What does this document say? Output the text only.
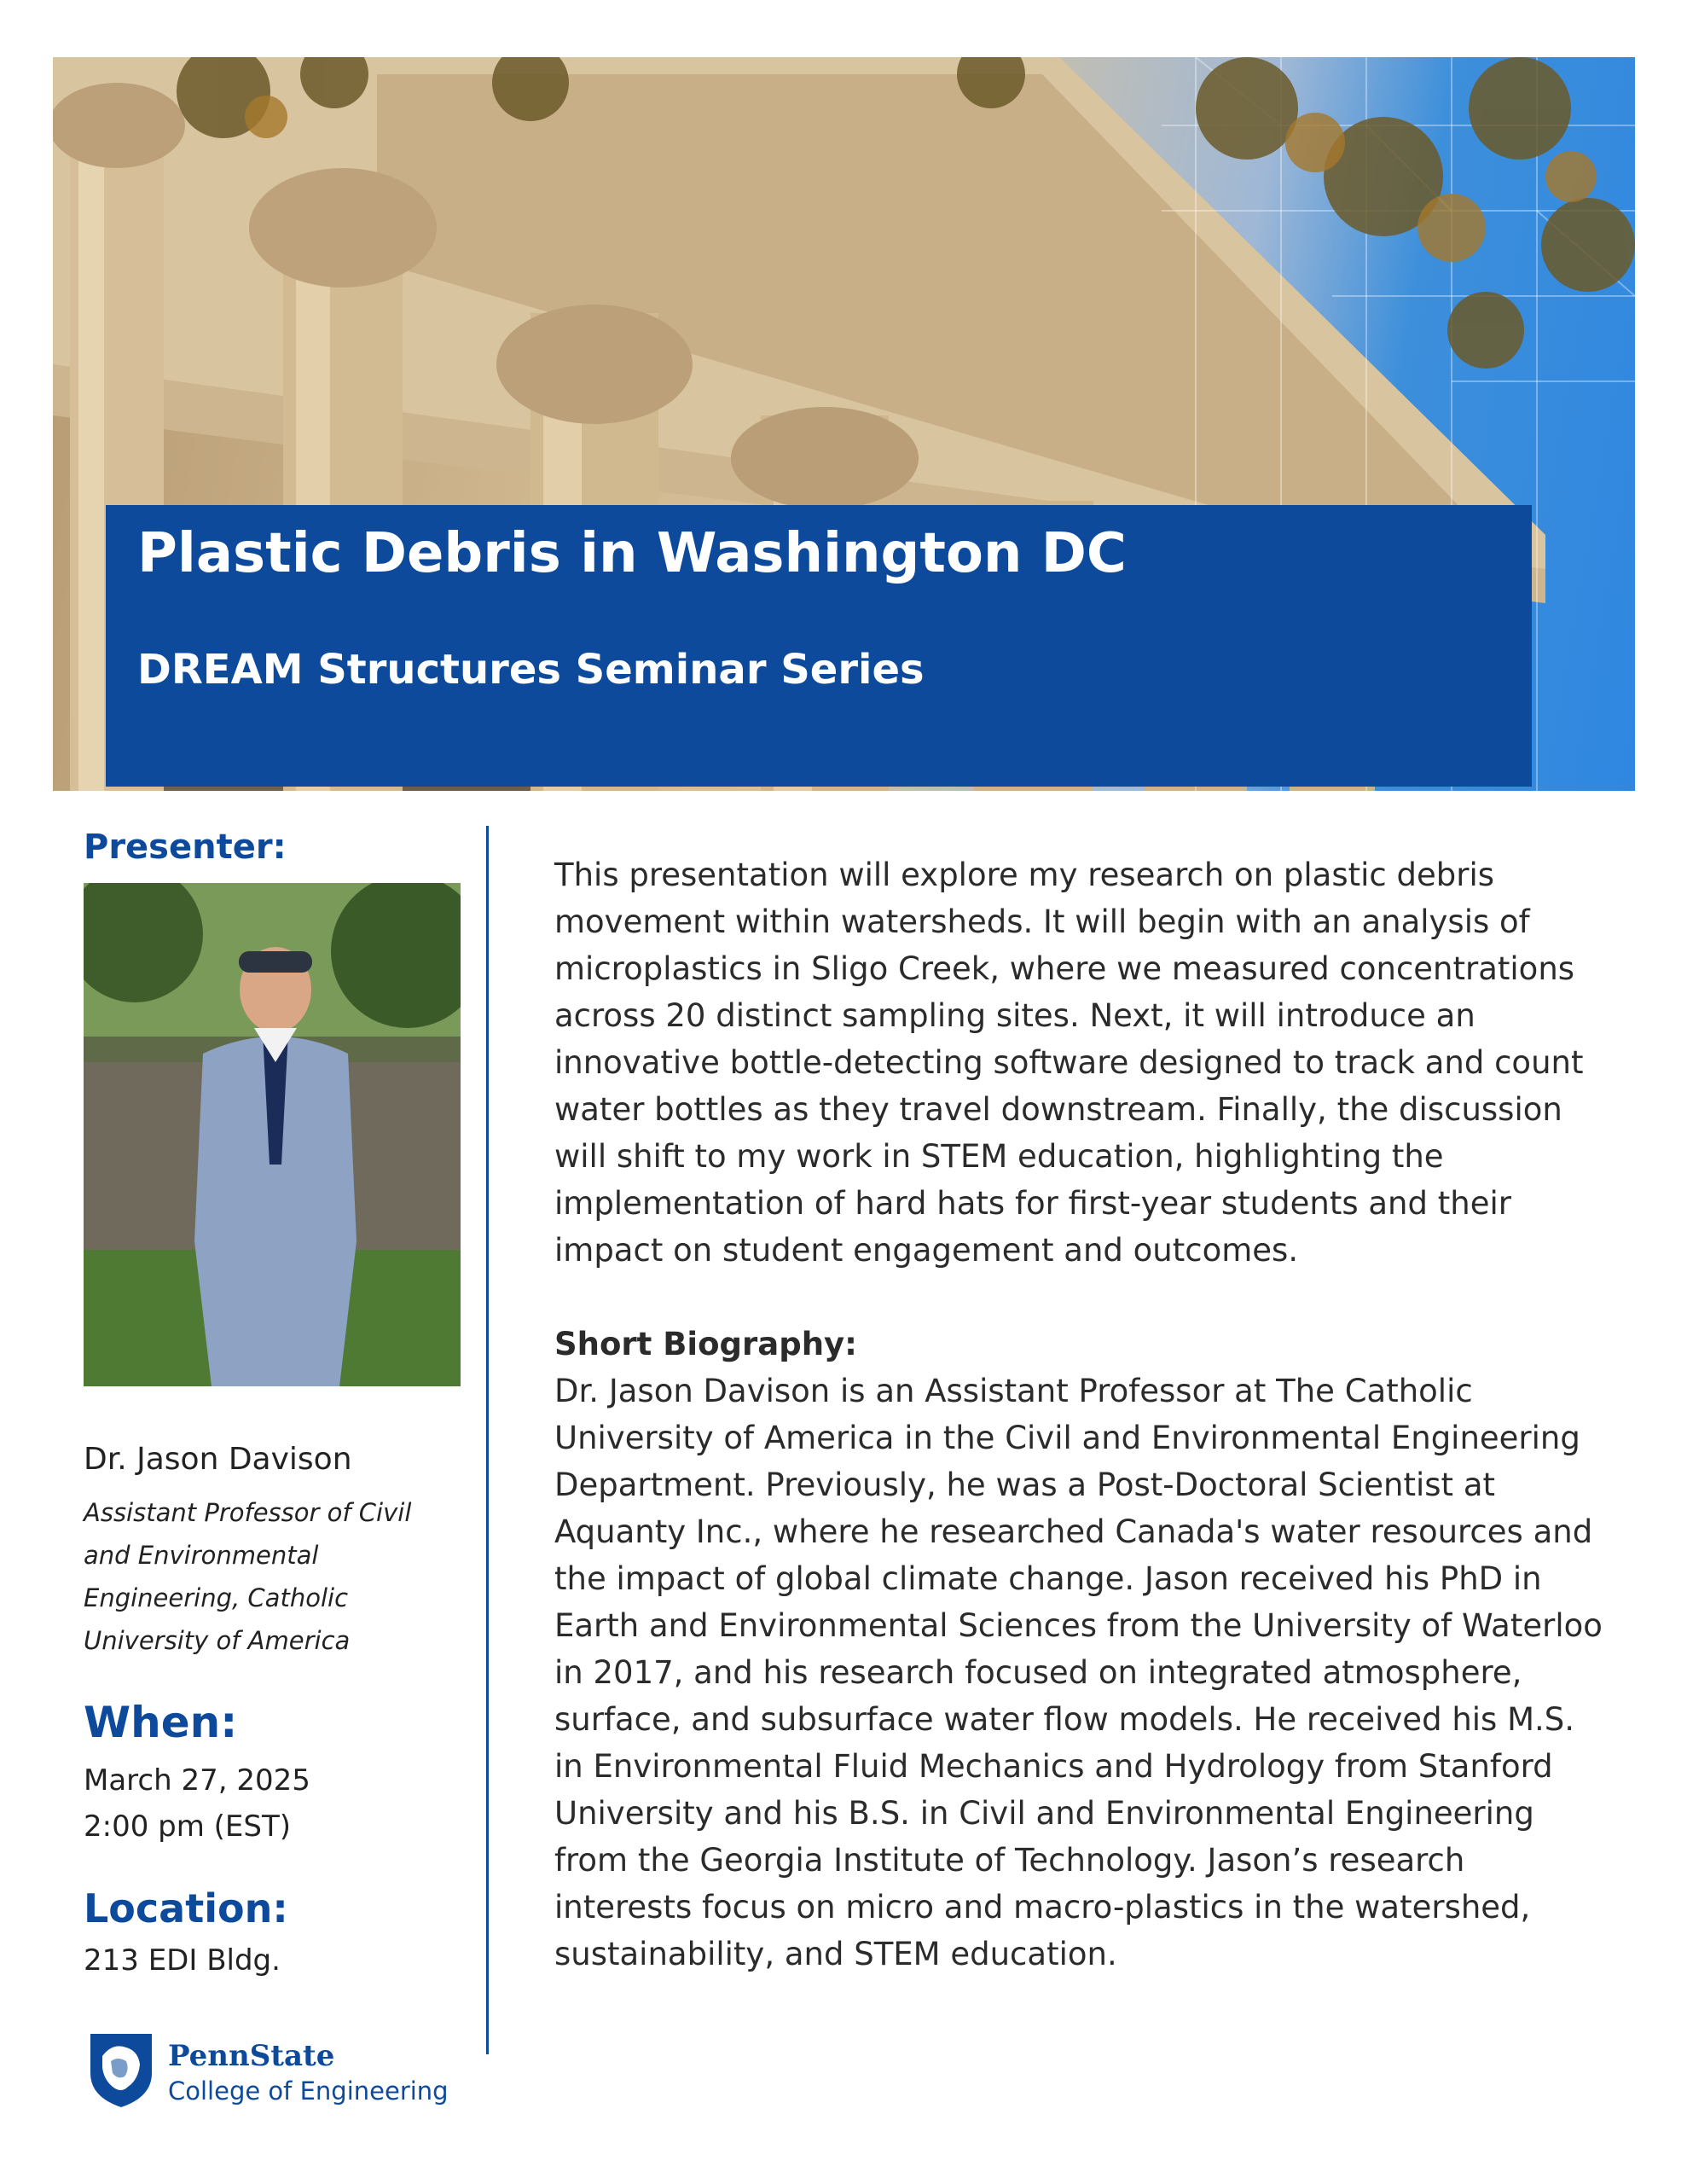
Plastic Debris in Washington DC
DREAM Structures Seminar Series
Presenter:
Dr. Jason Davison
Assistant Professor of Civil and Environmental Engineering, Catholic University of America
When:
March 27, 2025
2:00 pm (EST)
Location:
213 EDI Bldg.
PennState
College of Engineering

This presentation will explore my research on plastic debris movement within watersheds. It will begin with an analysis of microplastics in Sligo Creek, where we measured concentrations across 20 distinct sampling sites. Next, it will introduce an innovative bottle-detecting software designed to track and count water bottles as they travel downstream. Finally, the discussion will shift to my work in STEM education, highlighting the implementation of hard hats for first-year students and their impact on student engagement and outcomes.

Short Biography:

Dr. Jason Davison is an Assistant Professor at The Catholic University of America in the Civil and Environmental Engineering Department. Previously, he was a Post-Doctoral Scientist at Aquanty Inc., where he researched Canada's water resources and the impact of global climate change. Jason received his PhD in Earth and Environmental Sciences from the University of Waterloo in 2017, and his research focused on integrated atmosphere, surface, and subsurface water flow models. He received his M.S. in Environmental Fluid Mechanics and Hydrology from Stanford University and his B.S. in Civil and Environmental Engineering from the Georgia Institute of Technology. Jason’s research interests focus on micro and macro-plastics in the watershed, sustainability, and STEM education.
